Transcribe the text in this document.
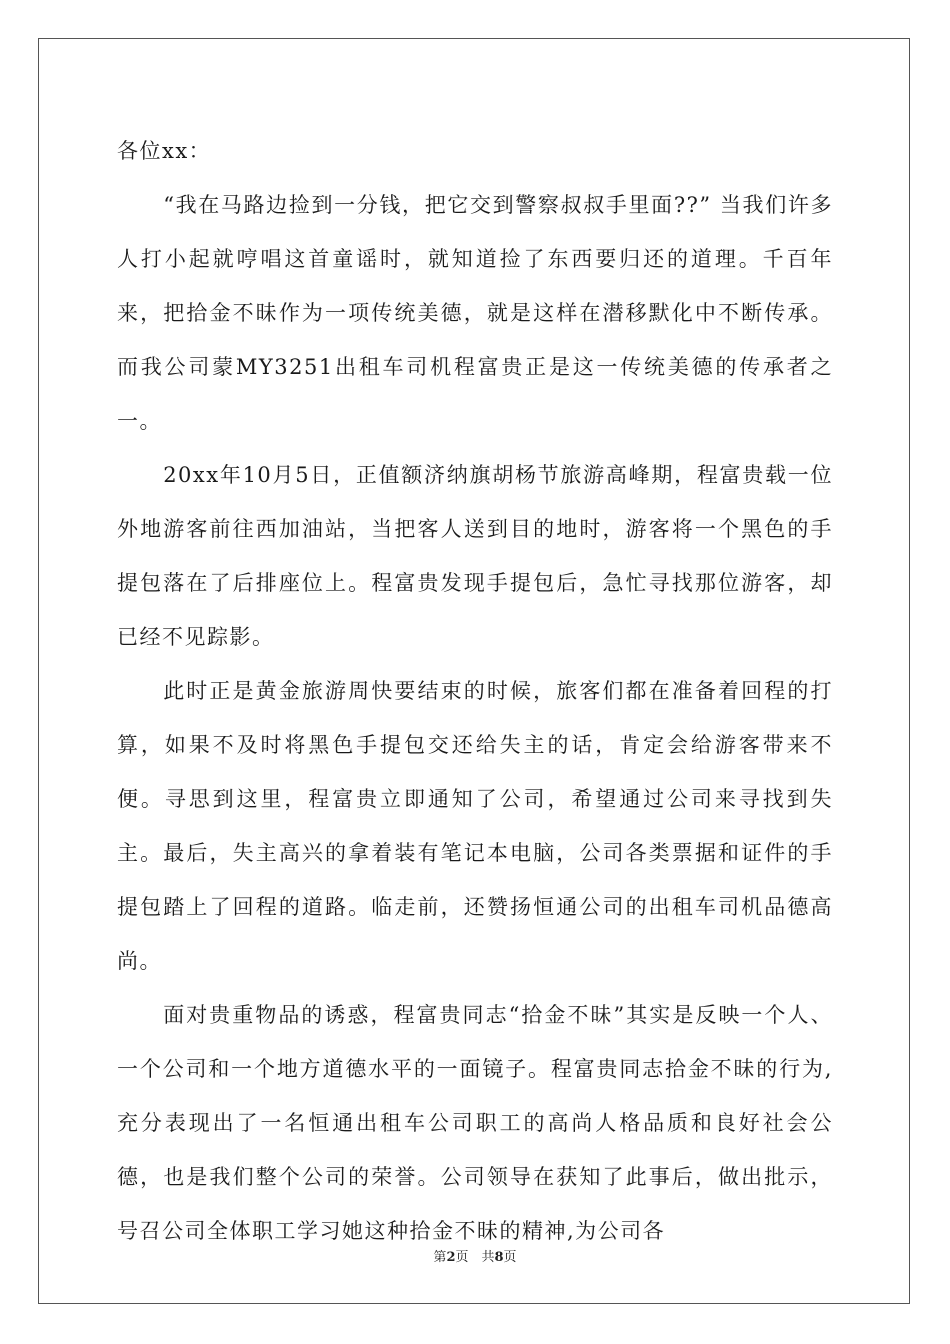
各位xx：

“我在马路边捡到一分钱，把它交到警察叔叔手里面??” 当我们许多人打小起就哼唱这首童谣时，就知道捡了东西要归还的道理。千百年来，把拾金不昧作为一项传统美德，就是这样在潜移默化中不断传承。而我公司蒙MY3251出租车司机程富贵正是这一传统美德的传承者之一。

20xx年10月5日，正值额济纳旗胡杨节旅游高峰期，程富贵载一位外地游客前往西加油站，当把客人送到目的地时，游客将一个黑色的手提包落在了后排座位上。程富贵发现手提包后，急忙寻找那位游客，却已经不见踪影。

此时正是黄金旅游周快要结束的时候，旅客们都在准备着回程的打算，如果不及时将黑色手提包交还给失主的话，肯定会给游客带来不便。寻思到这里，程富贵立即通知了公司，希望通过公司来寻找到失主。最后，失主高兴的拿着装有笔记本电脑，公司各类票据和证件的手提包踏上了回程的道路。临走前，还赞扬恒通公司的出租车司机品德高尚。

面对贵重物品的诱惑，程富贵同志“拾金不昧”其实是反映一个人、一个公司和一个地方道德水平的一面镜子。程富贵同志拾金不昧的行为,充分表现出了一名恒通出租车公司职工的高尚人格品质和良好社会公德，也是我们整个公司的荣誉。公司领导在获知了此事后，做出批示，号召公司全体职工学习她这种拾金不昧的精神,为公司各

第2页　共8页
